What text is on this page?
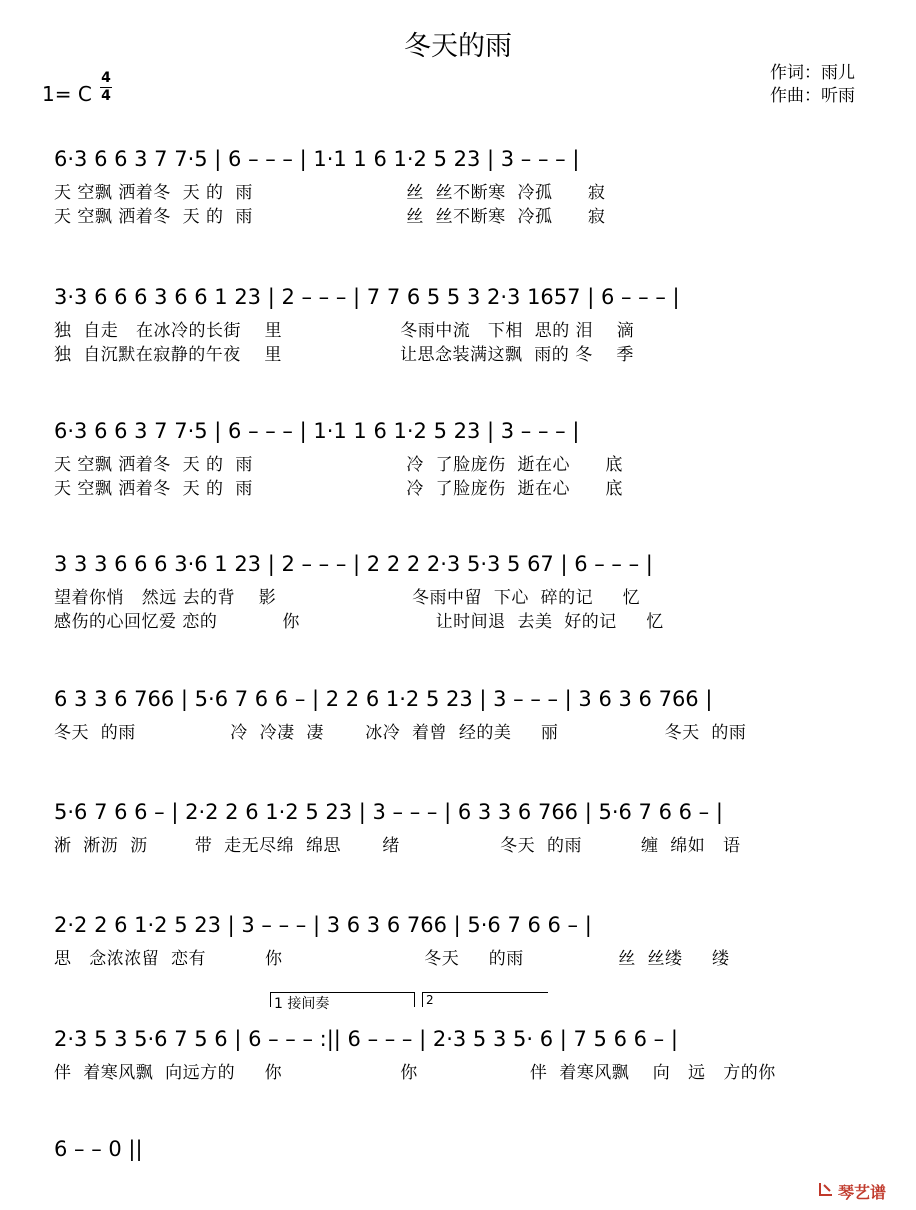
冬天的雨
1= C
4
4
作词：雨儿
作曲：听雨
6·3 6 6 3 7 7·5 | 6 – – – | 1·1 1 6 1·2 5 23 | 3 – – – |
天 空飘 洒着冬  天 的  雨                          丝  丝不断寒  冷孤      寂
天 空飘 洒着冬  天 的  雨                          丝  丝不断寒  冷孤      寂
3·3 6 6 6 3 6 6 1 23 | 2 – – – | 7 7 6 5 5 3 2·3 1657 | 6 – – – |
独  自走   在冰冷的长街    里                    冬雨中流   下相  思的 泪    滴
独  自沉默在寂静的午夜    里                    让思念装满这飘  雨的 冬    季
6·3 6 6 3 7 7·5 | 6 – – – | 1·1 1 6 1·2 5 23 | 3 – – – |
天 空飘 洒着冬  天 的  雨                          冷  了脸庞伤  逝在心      底
天 空飘 洒着冬  天 的  雨                          冷  了脸庞伤  逝在心      底
3 3 3 6 6 6 3·6 1 23 | 2 – – – | 2 2 2 2·3 5·3 5 67 | 6 – – – |
望着你悄   然远 去的背    影                       冬雨中留  下心  碎的记     忆
感伤的心回忆爱 恋的           你                       让时间退  去美  好的记     忆
6 3 3 6 766 | 5·6 7 6 6 – | 2 2 6 1·2 5 23 | 3 – – – | 3 6 3 6 766 |
冬天  的雨                冷  冷凄  凄       冰冷  着曾  经的美     丽                  冬天  的雨
5·6 7 6 6 – | 2·2 2 6 1·2 5 23 | 3 – – – | 6 3 3 6 766 | 5·6 7 6 6 – |
淅  淅沥  沥        带  走无尽绵  绵思       绪                 冬天  的雨          缠  绵如   语
2·2 2 6 1·2 5 23 | 3 – – – | 3 6 3 6 766 | 5·6 7 6 6 – |
思   念浓浓留  恋有          你                        冬天     的雨                丝  丝缕     缕
2·3 5 3 5·6 7 5 6 | 6 – – – :|| 6 – – – | 2·3 5 3 5· 6 | 7 5 6 6 – |
1 接间奏	2
伴  着寒风飘  向远方的     你                    你                   伴  着寒风飘    向   远   方的你
6 – – 0 ||
琴艺谱
